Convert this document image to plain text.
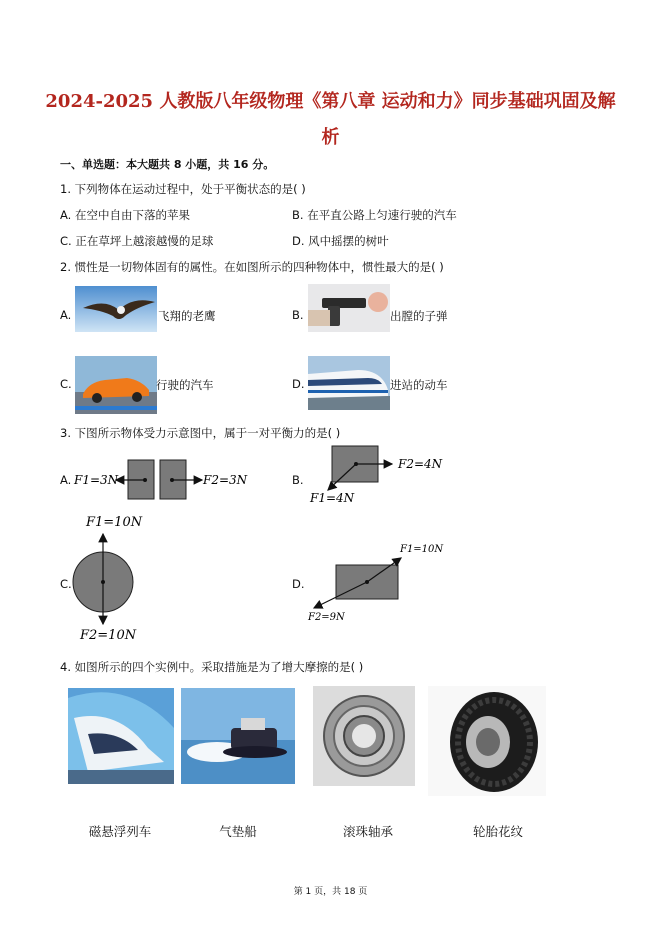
2024-2025 人教版八年级物理《第八章 运动和力》同步基础巩固及解析
一、单选题：本大题共 8 小题，共 16 分。
1. 下列物体在运动过程中，处于平衡状态的是( )
A. 在空中自由下落的苹果	B. 在平直公路上匀速行驶的汽车
C. 正在草坪上越滚越慢的足球	D. 风中摇摆的树叶
2. 惯性是一切物体固有的属性。在如图所示的四种物体中，惯性最大的是( )
A.	飞翔的老鹰	B.	出膛的子弹
C.	行驶的汽车	D.	进站的动车
3. 下图所示物体受力示意图中，属于一对平衡力的是( )
A. F1=3N	F2=3N	B.
F2=4N
F1=4N
C.
F1=10N
F2=10N
D.
F1=10N
F2=9N
4. 如图所示的四个实例中。采取措施是为了增大摩擦的是( )
磁悬浮列车	气垫船	滚珠轴承	轮胎花纹
第 1 页，共 18 页
